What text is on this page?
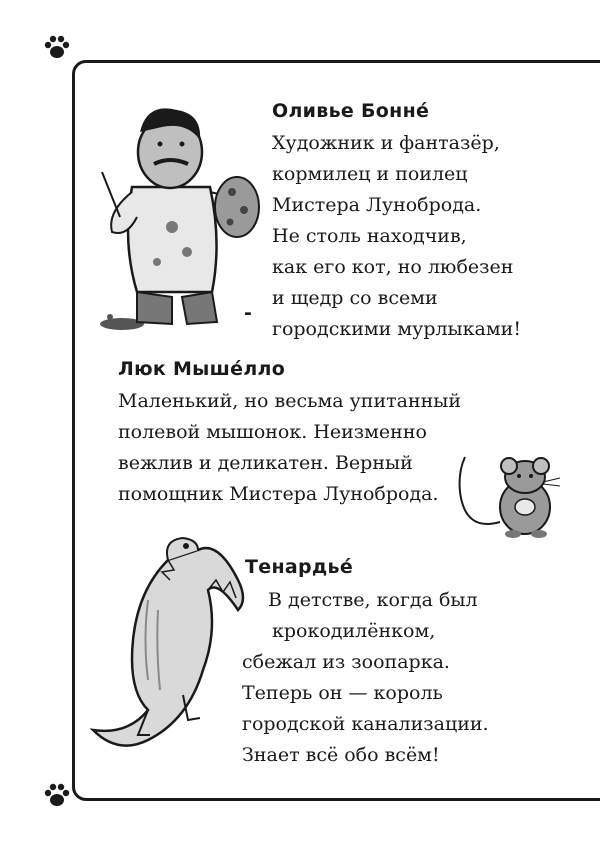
Оливье Бонне́
Художник и фантазёр,
кормилец и поилец
Мистера Луноброда.
Не столь находчив,
как его кот, но любезен
и щедр со всеми
городскими мурлыками!
-
Люк Мыше́лло
Маленький, но весьма упитанный
полевой мышонок. Неизменно
вежлив и деликатен. Верный
помощник Мистера Луноброда.
Тенардье́
В детстве, когда был
крокодилёнком,
сбежал из зоопарка.
Теперь он — король
городской канализации.
Знает всё обо всём!
